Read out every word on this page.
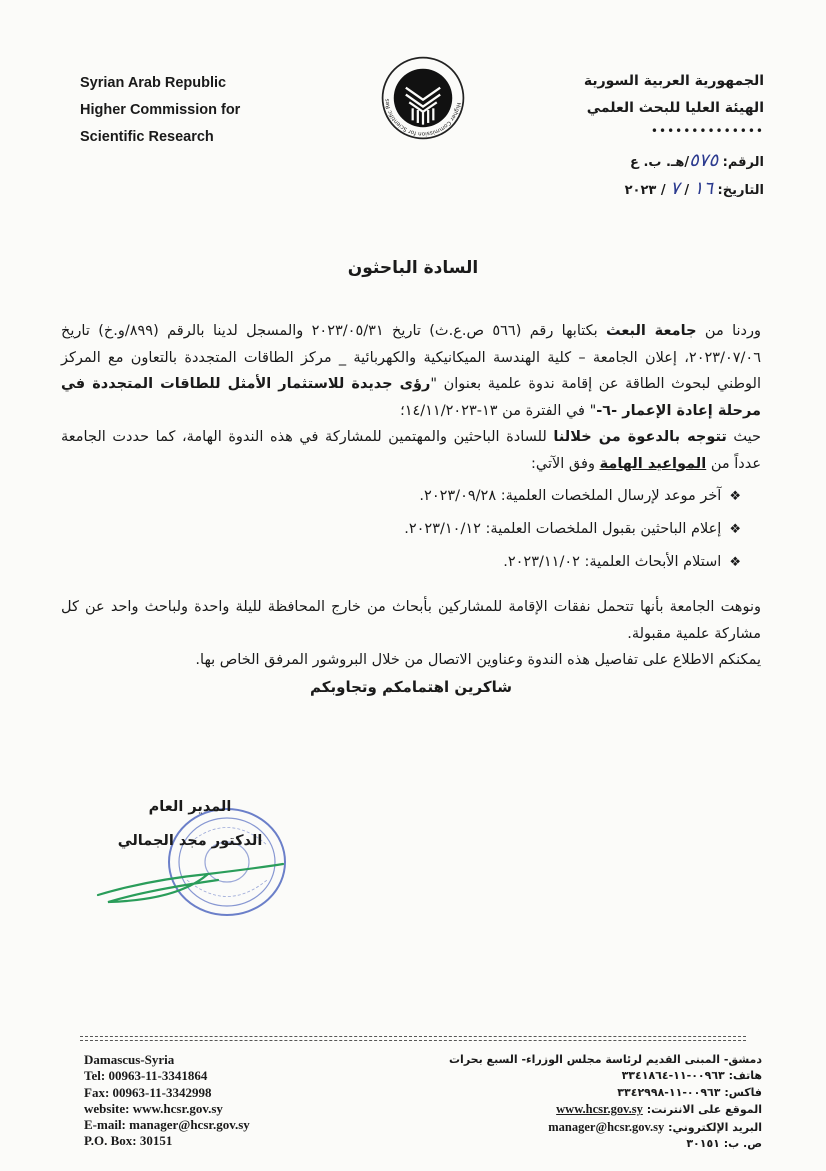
Syrian Arab Republic
Higher Commission for
Scientific Research
Higher Commission for Scientific Res
الجمهورية العربية السورية
الهيئة العليا للبحث العلمي
••••••••••••••
الرقم: ٥٧٥/هـ. ب. ع
التاريخ: ١٦ / ٧ / ٢٠٢٣
السادة الباحثون

وردنا من جامعة البعث بكتابها رقم (٥٦٦ ص.ع.ث) تاريخ ٢٠٢٣/٠٥/٣١ والمسجل لدينا بالرقم (٨٩٩/و.خ) تاريخ ٢٠٢٣/٠٧/٠٦، إعلان الجامعة – كلية الهندسة الميكانيكية والكهربائية _ مركز الطاقات المتجددة بالتعاون مع المركز الوطني لبحوث الطاقة عن إقامة ندوة علمية بعنوان "رؤى جديدة للاستثمار الأمثل للطاقات المتجددة في مرحلة إعادة الإعمار -٦-" في الفترة من ١٣-١٤/١١/٢٠٢٣؛

حيث تتوجه بالدعوة من خلالنا للسادة الباحثين والمهتمين للمشاركة في هذه الندوة الهامة، كما حددت الجامعة عدداً من المواعيد الهامة وفق الآتي:

❖آخر موعد لإرسال الملخصات العلمية: ٢٠٢٣/٠٩/٢٨.
❖إعلام الباحثين بقبول الملخصات العلمية: ٢٠٢٣/١٠/١٢.
❖استلام الأبحاث العلمية: ٢٠٢٣/١١/٠٢.

ونوهت الجامعة بأنها تتحمل نفقات الإقامة للمشاركين بأبحاث من خارج المحافظة لليلة واحدة ولباحث واحد عن كل مشاركة علمية مقبولة.

يمكنكم الاطلاع على تفاصيل هذه الندوة وعناوين الاتصال من خلال البروشور المرفق الخاص بها.

شاكرين اهتمامكم وتجاوبكم

المدير العام
الدكتور مجد الجمالي
Damascus-Syria
Tel: 00963-11-3341864
Fax: 00963-11-3342998
website: www.hcsr.gov.sy
E-mail: manager@hcsr.gov.sy
P.O. Box: 30151
دمشق- المبنى القديم لرئاسة مجلس الوزراء- السبع بحرات
هاتف: ٠٠٩٦٣-١١-٣٣٤١٨٦٤
فاكس: ٠٠٩٦٣-١١-٣٣٤٢٩٩٨
الموقع على الانترنت: www.hcsr.gov.sy
البريد الإلكتروني: manager@hcsr.gov.sy
ص. ب: ٣٠١٥١
